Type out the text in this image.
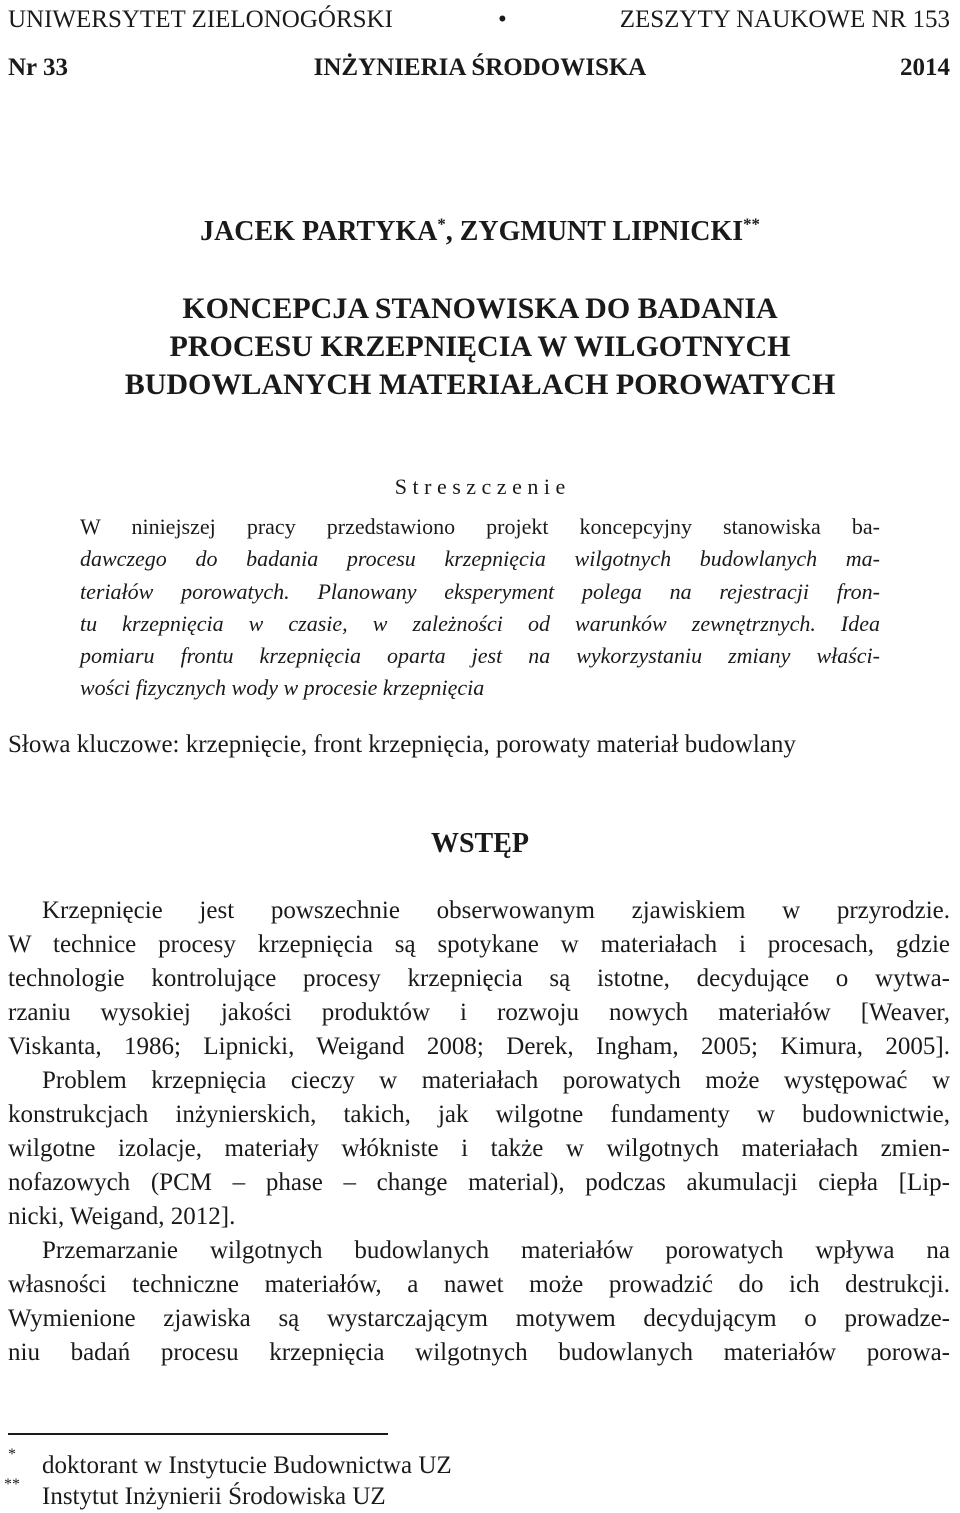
UNIWERSYTET ZIELONOGÓRSKI	•	ZESZYTY NAUKOWE NR 153
Nr 33	INŻYNIERIA ŚRODOWISKA	2014
JACEK PARTYKA*, ZYGMUNT LIPNICKI**
KONCEPCJA STANOWISKA DO BADANIA
PROCESU KRZEPNIĘCIA W WILGOTNYCH
BUDOWLANYCH MATERIAŁACH POROWATYCH
S t r e s z c z e n i e
W niniejszej pracy przedstawiono projekt koncepcyjny stanowiska ba-
dawczego do badania procesu krzepnięcia wilgotnych budowlanych ma-
teriałów porowatych. Planowany eksperyment polega na rejestracji fron-
tu krzepnięcia w czasie, w zależności od warunków zewnętrznych. Idea
pomiaru frontu krzepnięcia oparta jest na wykorzystaniu zmiany właści-
wości fizycznych wody w procesie krzepnięcia
Słowa kluczowe: krzepnięcie, front krzepnięcia, porowaty materiał budowlany
WSTĘP
Krzepnięcie jest powszechnie obserwowanym zjawiskiem w przyrodzie.
W technice procesy krzepnięcia są spotykane w materiałach i procesach, gdzie
technologie kontrolujące procesy krzepnięcia są istotne, decydujące o wytwa-
rzaniu wysokiej jakości produktów i rozwoju nowych materiałów [Weaver,
Viskanta, 1986; Lipnicki, Weigand 2008; Derek, Ingham, 2005; Kimura, 2005].
Problem krzepnięcia cieczy w materiałach porowatych może występować w
konstrukcjach inżynierskich, takich, jak wilgotne fundamenty w budownictwie,
wilgotne izolacje, materiały włókniste i także w wilgotnych materiałach zmien-
nofazowych (PCM – phase – change material), podczas akumulacji ciepła [Lip-
nicki, Weigand, 2012].
Przemarzanie wilgotnych budowlanych materiałów porowatych wpływa na
własności techniczne materiałów, a nawet może prowadzić do ich destrukcji.
Wymienione zjawiska są wystarczającym motywem decydującym o prowadze-
niu badań procesu krzepnięcia wilgotnych budowlanych materiałów porowa-
* doktorant w Instytucie Budownictwa UZ
** Instytut Inżynierii Środowiska UZ
